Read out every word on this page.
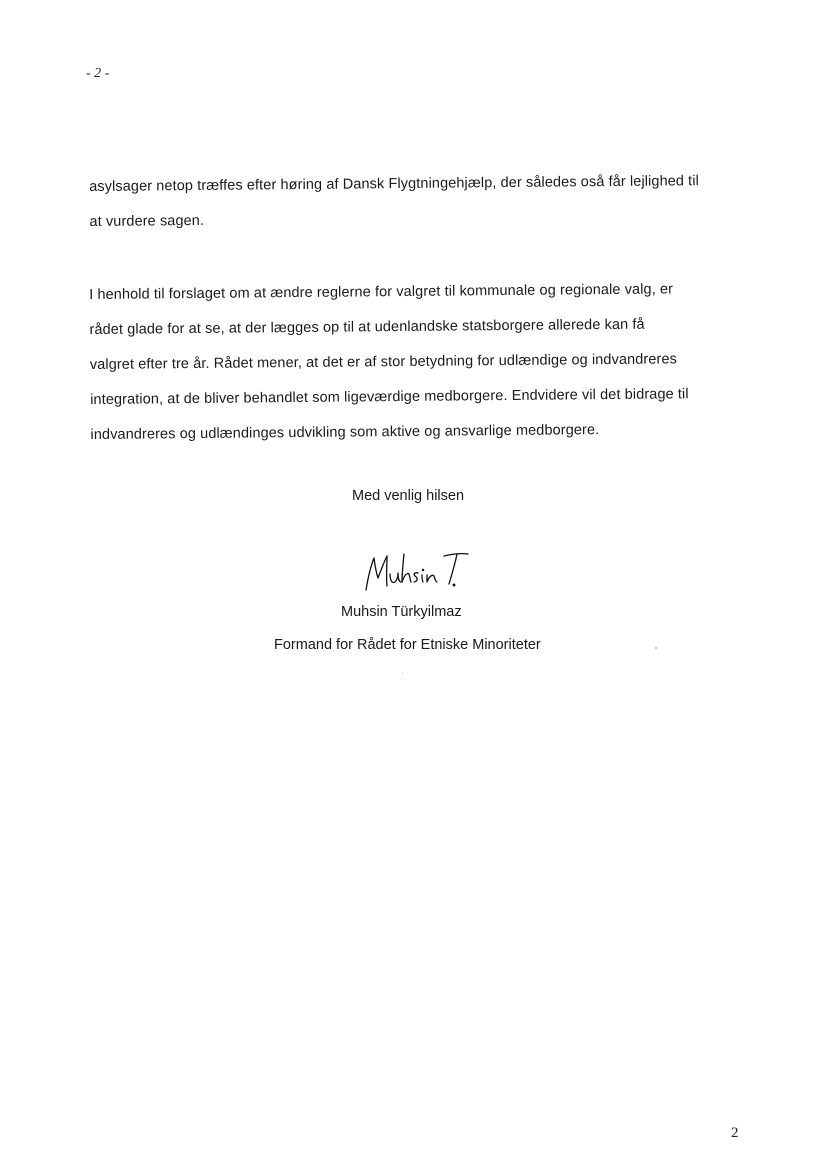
- 2 -
asylsager netop træffes efter høring af Dansk Flygtningehjælp, der således oså får lejlighed til
at vurdere sagen.
I henhold til forslaget om at ændre reglerne for valgret til kommunale og regionale valg, er
rådet glade for at se, at der lægges op til at udenlandske statsborgere allerede kan få
valgret efter tre år. Rådet mener, at det er af stor betydning for udlændige og indvandreres
integration, at de bliver behandlet som ligeværdige medborgere. Endvidere vil det bidrage til
indvandreres og udlændinges udvikling som aktive og ansvarlige medborgere.
Med venlig hilsen
Muhsin Türkyilmaz
Formand for Rådet for Etniske Minoriteter
2
